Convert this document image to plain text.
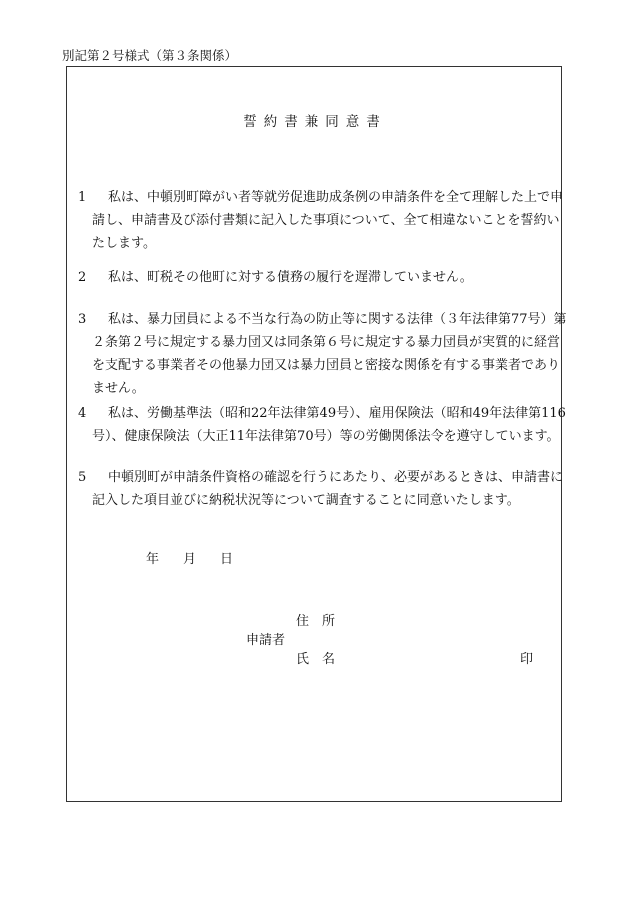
別記第２号様式（第３条関係）
誓約書兼同意書
1 私は、中頓別町障がい者等就労促進助成条例の申請条件を全て理解した上で申
請し、申請書及び添付書類に記入した事項について、全て相違ないことを誓約い
たします。
2 私は、町税その他町に対する債務の履行を遅滞していません。
3 私は、暴力団員による不当な行為の防止等に関する法律（３年法律第77号）第
２条第２号に規定する暴力団又は同条第６号に規定する暴力団員が実質的に経営
を支配する事業者その他暴力団又は暴力団員と密接な関係を有する事業者であり
ません。
4 私は、労働基準法（昭和22年法律第49号）、雇用保険法（昭和49年法律第116
号）、健康保険法（大正11年法律第70号）等の労働関係法令を遵守しています。
5 中頓別町が申請条件資格の確認を行うにあたり、必要があるときは、申請書に
記入した項目並びに納税状況等について調査することに同意いたします。
年 月 日
住　所
申請者
氏　名	印
